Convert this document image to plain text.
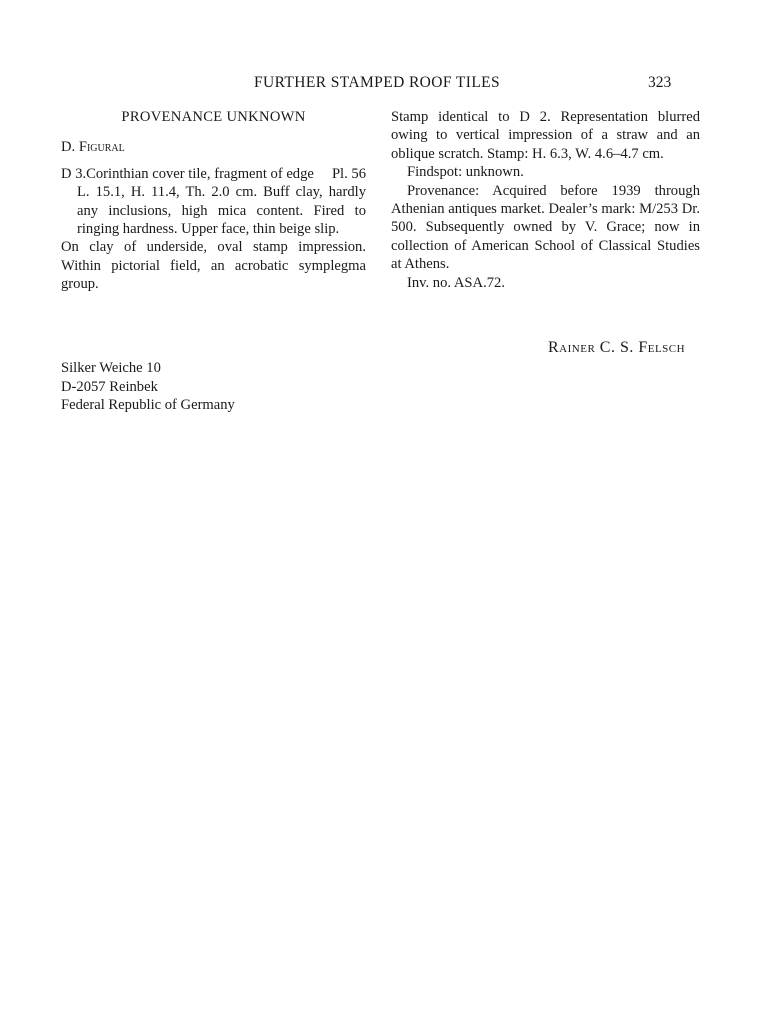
FURTHER STAMPED ROOF TILES	323

PROVENANCE UNKNOWN

D. Figural

D 3.Corinthian cover tile, fragment of edge Pl. 56

L. 15.1, H. 11.4, Th. 2.0 cm. Buff clay, hardly any inclusions, high mica content. Fired to ringing hardness. Upper face, thin beige slip.

On clay of underside, oval stamp impression. Within pictorial field, an acrobatic symplegma group.

Stamp identical to D 2. Representation blurred owing to vertical impression of a straw and an oblique scratch. Stamp: H. 6.3, W. 4.6–4.7 cm.

Findspot: unknown.

Provenance: Acquired before 1939 through Athenian antiques market. Dealer’s mark: M/253 Dr. 500. Subsequently owned by V. Grace; now in collection of American School of Classical Studies at Athens.

Inv. no. ASA.72.

Rainer C. S. Felsch
Silker Weiche 10
D-2057 Reinbek
Federal Republic of Germany
